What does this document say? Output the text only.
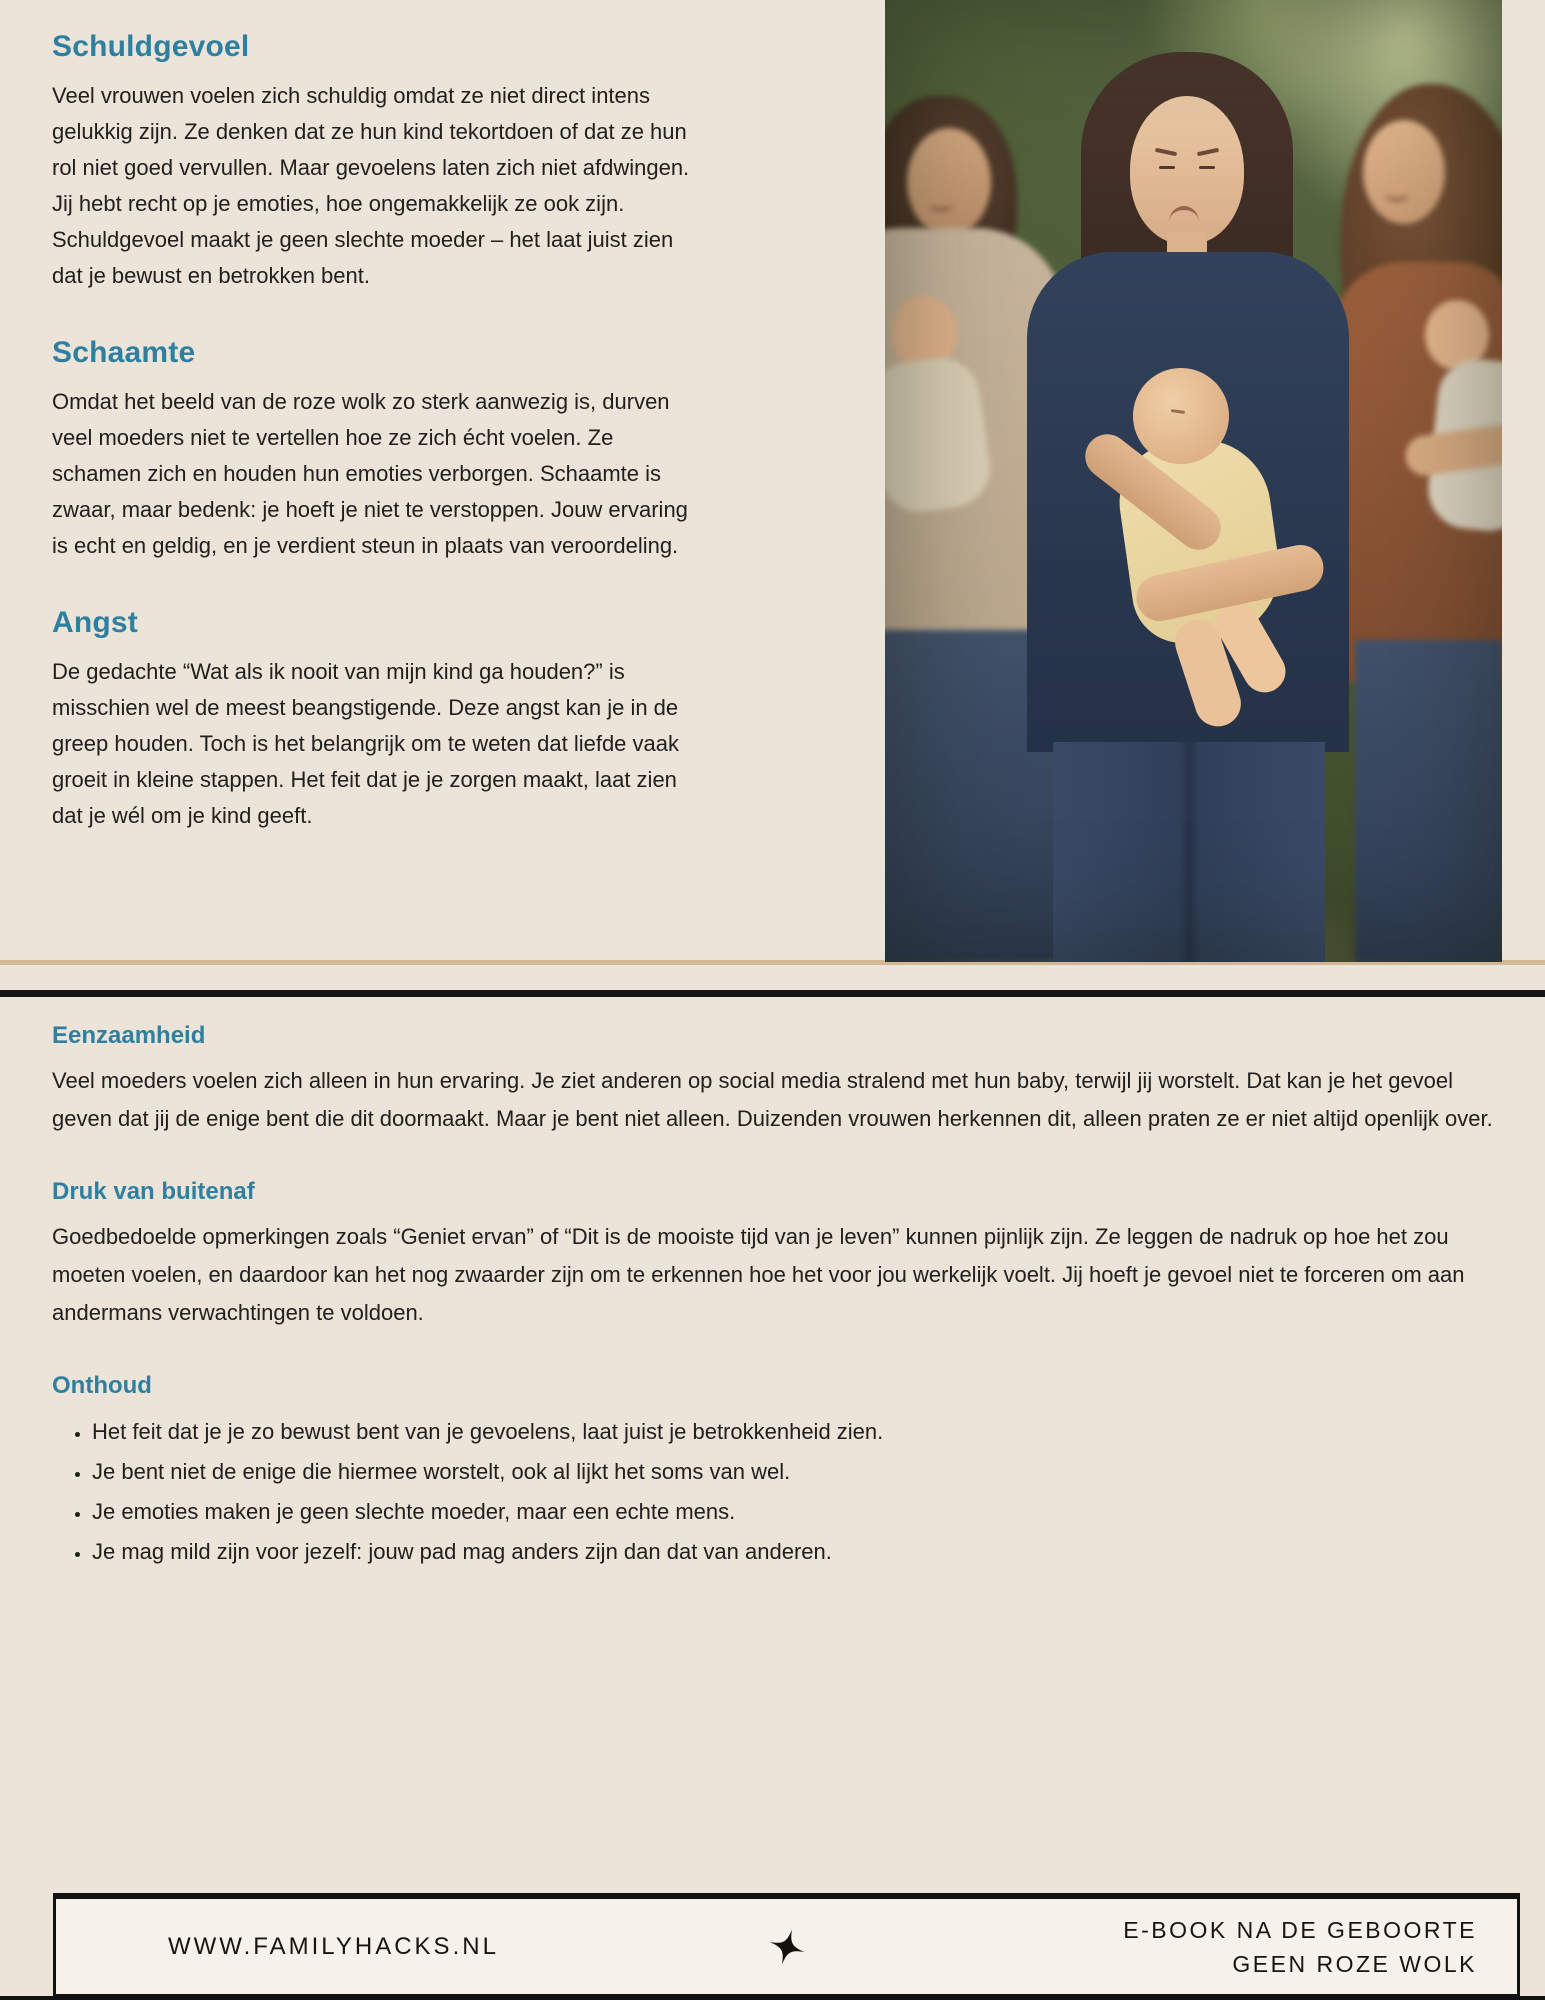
Schuldgevoel

Veel vrouwen voelen zich schuldig omdat ze niet direct intens gelukkig zijn. Ze denken dat ze hun kind tekortdoen of dat ze hun rol niet goed vervullen. Maar gevoelens laten zich niet afdwingen. Jij hebt recht op je emoties, hoe ongemakkelijk ze ook zijn. Schuldgevoel maakt je geen slechte moeder – het laat juist zien dat je bewust en betrokken bent.

Schaamte

Omdat het beeld van de roze wolk zo sterk aanwezig is, durven veel moeders niet te vertellen hoe ze zich écht voelen. Ze schamen zich en houden hun emoties verborgen. Schaamte is zwaar, maar bedenk: je hoeft je niet te verstoppen. Jouw ervaring is echt en geldig, en je verdient steun in plaats van veroordeling.

Angst

De gedachte “Wat als ik nooit van mijn kind ga houden?” is misschien wel de meest beangstigende. Deze angst kan je in de greep houden. Toch is het belangrijk om te weten dat liefde vaak groeit in kleine stappen. Het feit dat je je zorgen maakt, laat zien dat je wél om je kind geeft.

Eenzaamheid

Veel moeders voelen zich alleen in hun ervaring. Je ziet anderen op social media stralend met hun baby, terwijl jij worstelt. Dat kan je het gevoel geven dat jij de enige bent die dit doormaakt. Maar je bent niet alleen. Duizenden vrouwen herkennen dit, alleen praten ze er niet altijd openlijk over.

Druk van buitenaf

Goedbedoelde opmerkingen zoals “Geniet ervan” of “Dit is de mooiste tijd van je leven” kunnen pijnlijk zijn. Ze leggen de nadruk op hoe het zou moeten voelen, en daardoor kan het nog zwaarder zijn om te erkennen hoe het voor jou werkelijk voelt. Jij hoeft je gevoel niet te forceren om aan andermans verwachtingen te voldoen.

Onthoud
• Het feit dat je je zo bewust bent van je gevoelens, laat juist je betrokkenheid zien.
• Je bent niet de enige die hiermee worstelt, ook al lijkt het soms van wel.
• Je emoties maken je geen slechte moeder, maar een echte mens.
• Je mag mild zijn voor jezelf: jouw pad mag anders zijn dan dat van anderen.
WWW.FAMILYHACKS.NL
E-BOOK NA DE GEBOORTE
GEEN ROZE WOLK
